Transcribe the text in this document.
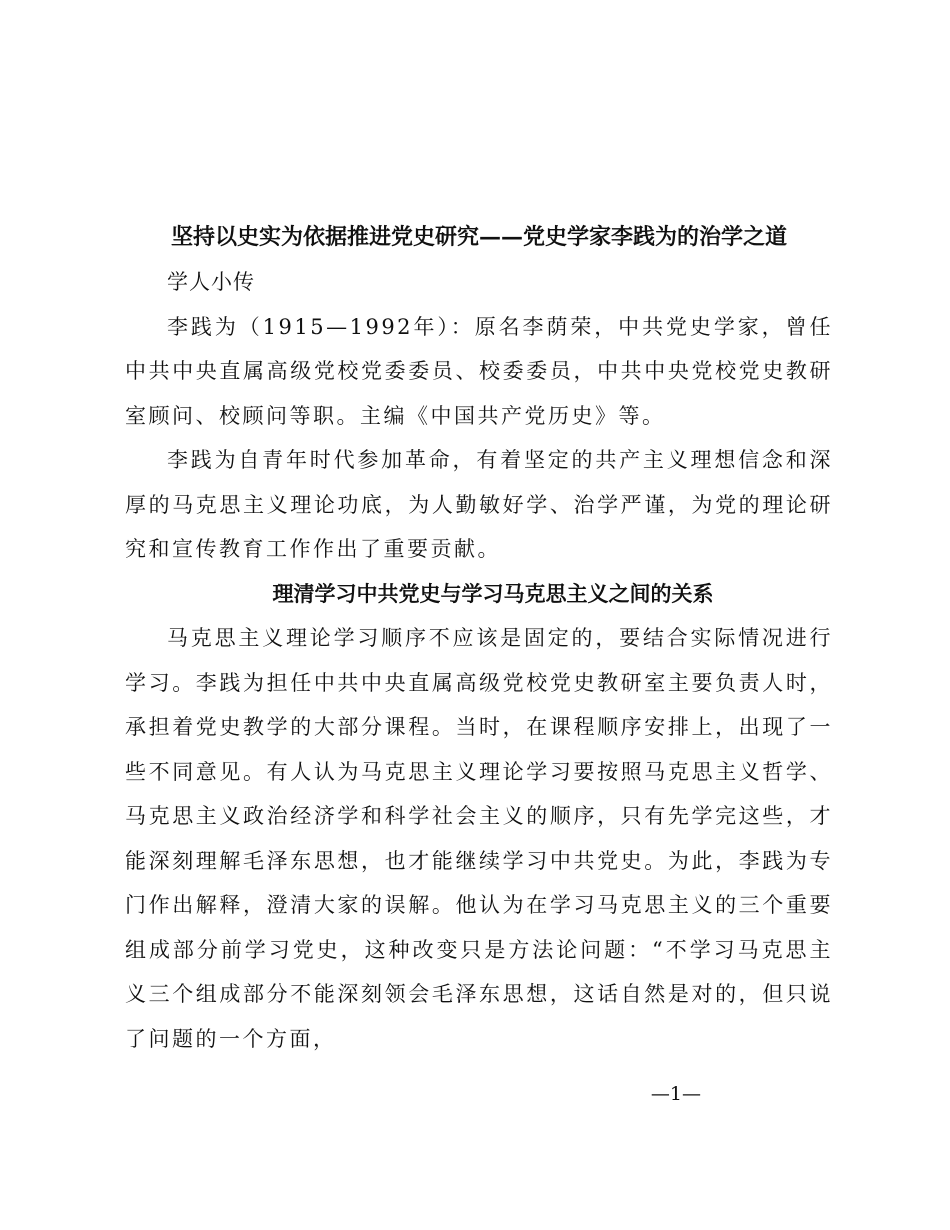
坚持以史实为依据推进党史研究——党史学家李践为的治学之道

学人小传

李践为（1915—1992年）：原名李荫荣，中共党史学家，曾任中共中央直属高级党校党委委员、校委委员，中共中央党校党史教研室顾问、校顾问等职。主编《中国共产党历史》等。

李践为自青年时代参加革命，有着坚定的共产主义理想信念和深厚的马克思主义理论功底，为人勤敏好学、治学严谨，为党的理论研究和宣传教育工作作出了重要贡献。

理清学习中共党史与学习马克思主义之间的关系

马克思主义理论学习顺序不应该是固定的，要结合实际情况进行学习。李践为担任中共中央直属高级党校党史教研室主要负责人时，承担着党史教学的大部分课程。当时，在课程顺序安排上，出现了一些不同意见。有人认为马克思主义理论学习要按照马克思主义哲学、马克思主义政治经济学和科学社会主义的顺序，只有先学完这些，才能深刻理解毛泽东思想，也才能继续学习中共党史。为此，李践为专门作出解释，澄清大家的误解。他认为在学习马克思主义的三个重要组成部分前学习党史，这种改变只是方法论问题：“不学习马克思主义三个组成部分不能深刻领会毛泽东思想，这话自然是对的，但只说了问题的一个方面，

—1—
